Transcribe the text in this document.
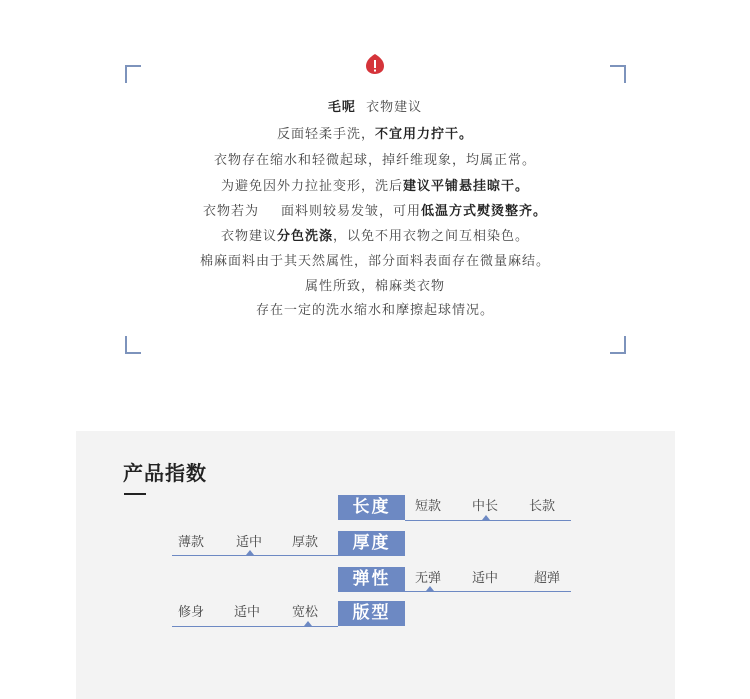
毛呢 衣物建议
反面轻柔手洗，不宜用力拧干。
衣物存在缩水和轻微起球，掉纤维现象，均属正常。
为避免因外力拉扯变形，洗后建议平铺悬挂晾干。
衣物若为 面料则较易发皱，可用低温方式熨烫整齐。
衣物建议分色洗涤，以免不用衣物之间互相染色。
棉麻面料由于其天然属性，部分面料表面存在微量麻结。
属性所致，棉麻类衣物
存在一定的洗水缩水和摩擦起球情况。
产品指数
长度	短款 中长 长款
薄款 适中 厚款	厚度
弹性	无弹 适中	超弹
修身 适中 宽松	版型
